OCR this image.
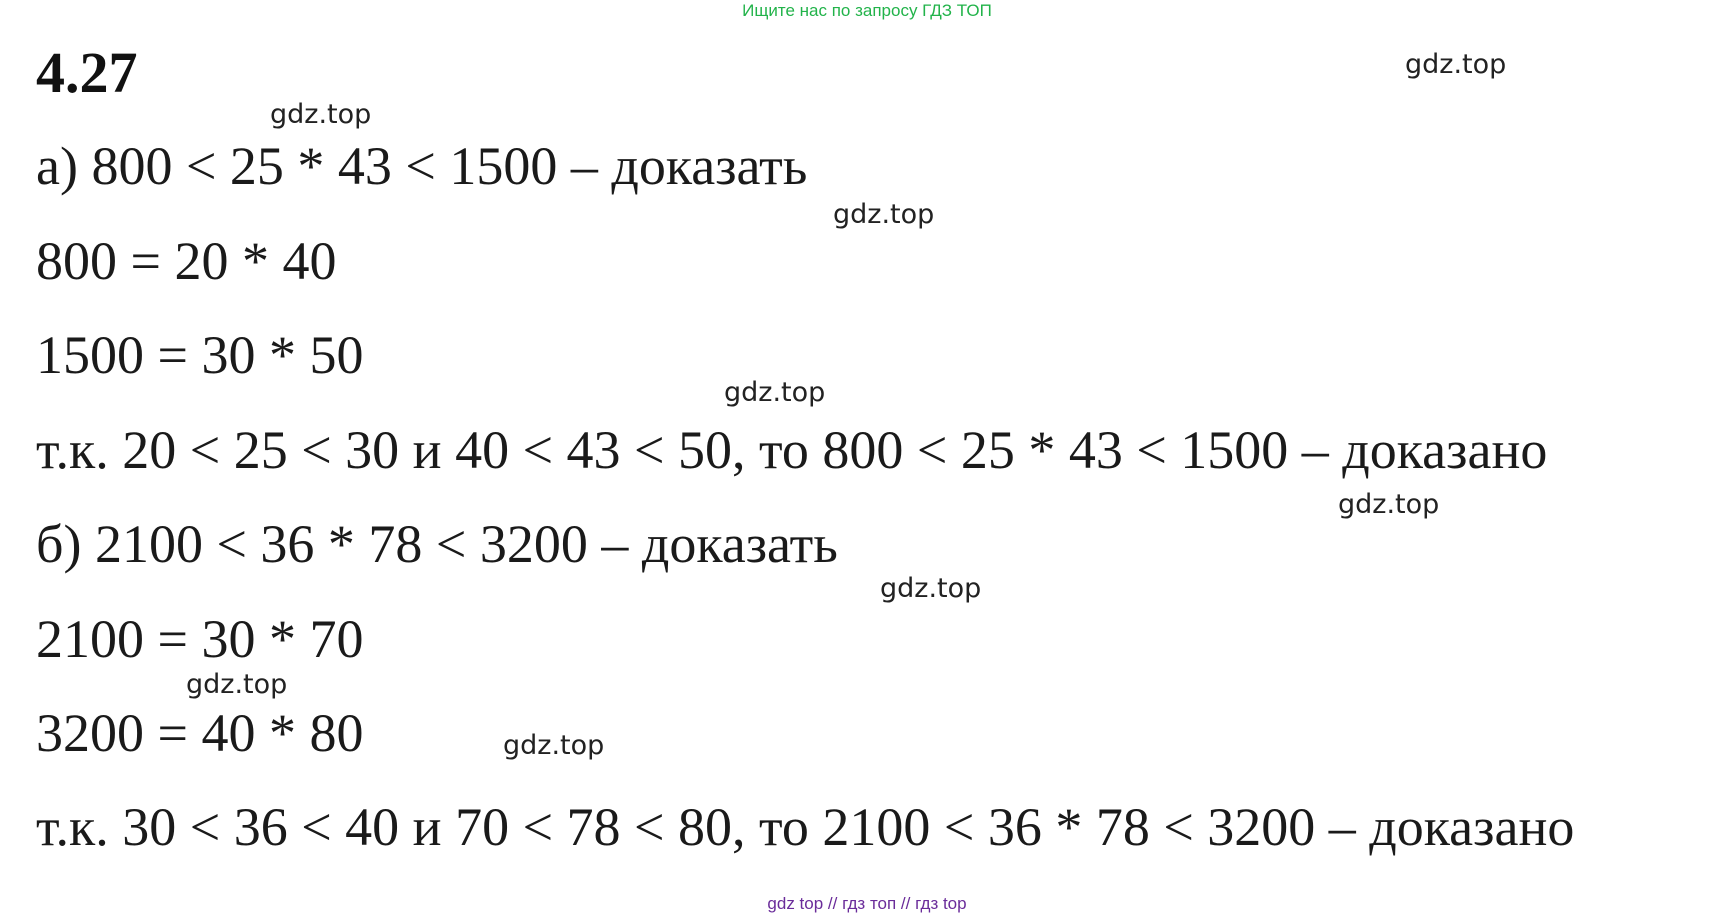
Ищите нас по запросу ГДЗ ТОП
4.27	gdz.top
gdz.top
а) 800 < 25 * 43 < 1500 – доказать
gdz.top
800 = 20 * 40
1500 = 30 * 50
gdz.top
т.к. 20 < 25 < 30 и 40 < 43 < 50, то 800 < 25 * 43 < 1500 – доказано
gdz.top
б) 2100 < 36 * 78 < 3200 – доказать
gdz.top
2100 = 30 * 70
gdz.top
3200 = 40 * 80	gdz.top
т.к. 30 < 36 < 40 и 70 < 78 < 80, то 2100 < 36 * 78 < 3200 – доказано
gdz top // гдз топ // гдз top
